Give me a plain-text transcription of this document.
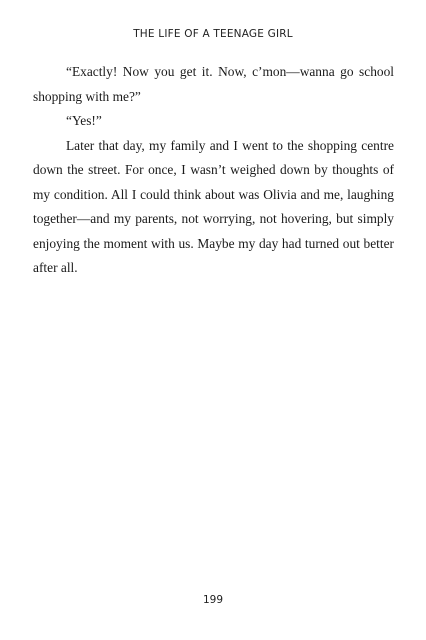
THE LIFE OF A TEENAGE GIRL

“Exactly! Now you get it. Now, c’mon—wanna go school shopping with me?”

“Yes!”

Later that day, my family and I went to the shopping centre down the street. For once, I wasn’t weighed down by thoughts of my condition. All I could think about was Olivia and me, laughing together—and my parents, not worrying, not hovering, but simply enjoying the moment with us. Maybe my day had turned out better after all.

199
